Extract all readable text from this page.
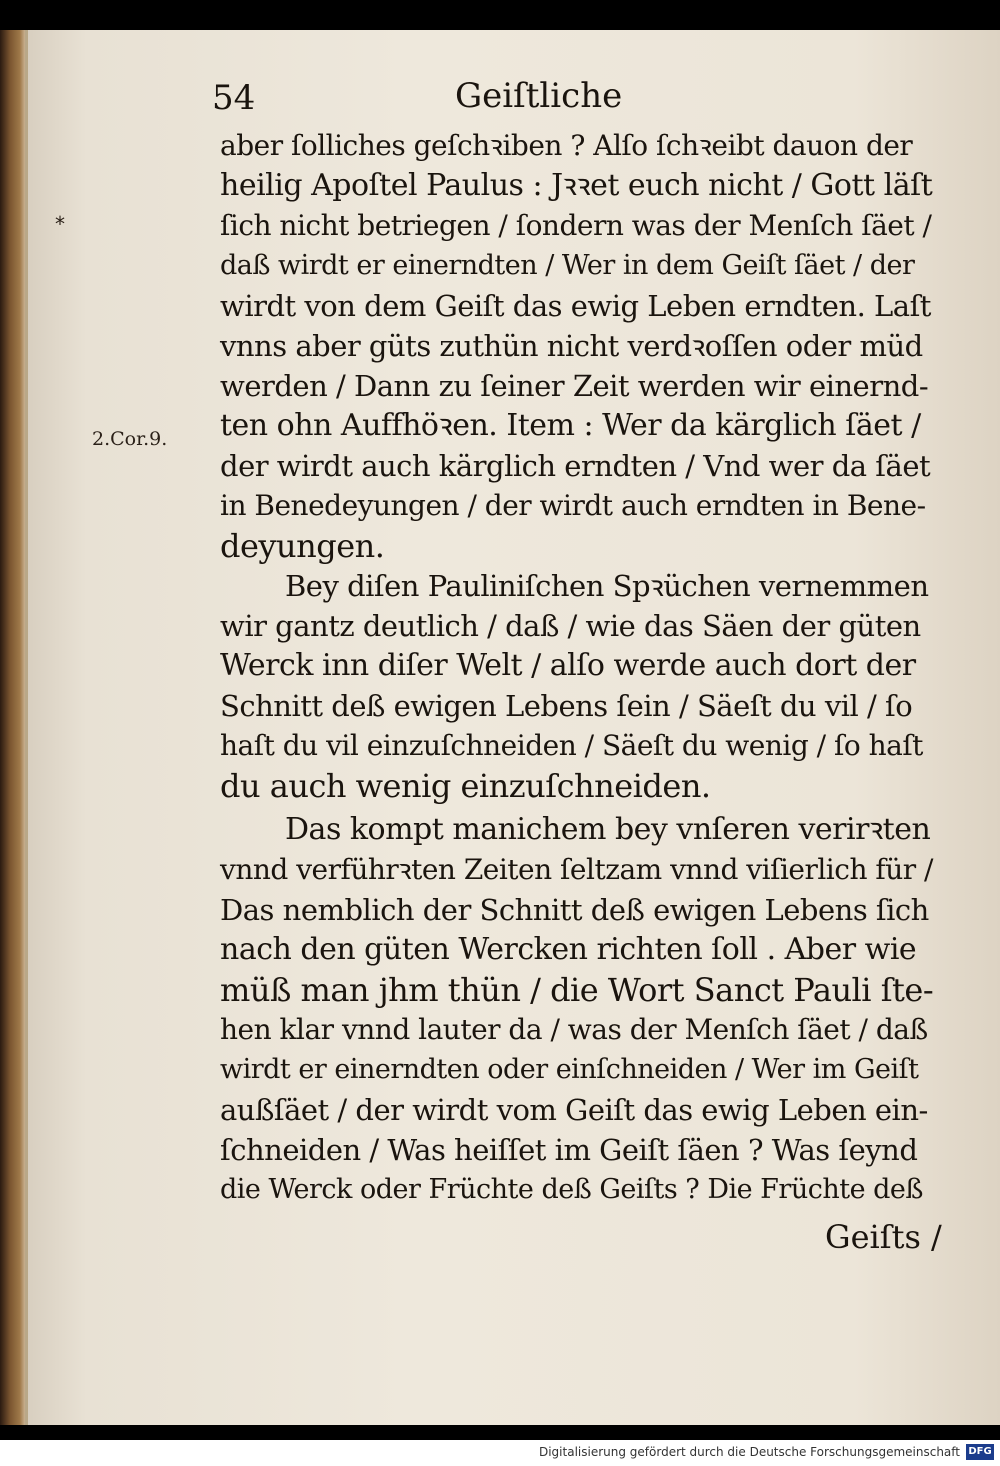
54	Geiſtliche
*
2.Cor.9.
aber ſolliches geſchꝛiben ? Alſo ſchꝛeibt dauon der
heilig Apoſtel Paulus : Jꝛꝛet euch nicht / Gott läſt
ſich nicht betriegen / ſondern was der Menſch ſäet /
daß wirdt er einerndten / Wer in dem Geiſt ſäet / der
wirdt von dem Geiſt das ewig Leben erndten. Laſt
vnns aber güts zuthün nicht verdꝛoſſen oder müd
werden / Dann zu ſeiner Zeit werden wir einernd‑
ten ohn Auffhöꝛen. Item : Wer da kärglich ſäet /
der wirdt auch kärglich erndten / Vnd wer da ſäet
in Benedeyungen / der wirdt auch erndten in Bene‑
deyungen.
Bey diſen Pauliniſchen Spꝛüchen vernemmen
wir gantz deutlich / daß / wie das Säen der güten
Werck inn diſer Welt / alſo werde auch dort der
Schnitt deß ewigen Lebens ſein / Säeſt du vil / ſo
haſt du vil einzuſchneiden / Säeſt du wenig / ſo haſt
du auch wenig einzuſchneiden.
Das kompt manichem bey vnſeren verirꝛten
vnnd verführꝛten Zeiten ſeltzam vnnd viſierlich für /
Das nemblich der Schnitt deß ewigen Lebens ſich
nach den güten Wercken richten ſoll . Aber wie
müß man jhm thün / die Wort Sanct Pauli ſte‑
hen klar vnnd lauter da / was der Menſch ſäet / daß
wirdt er einerndten oder einſchneiden / Wer im Geiſt
außſäet / der wirdt vom Geiſt das ewig Leben ein‑
ſchneiden / Was heiſſet im Geiſt ſäen ? Was ſeynd
die Werck oder Früchte deß Geiſts ? Die Früchte deß
Geiſts /
Digitalisierung gefördert durch die Deutsche Forschungsgemeinschaft DFG
